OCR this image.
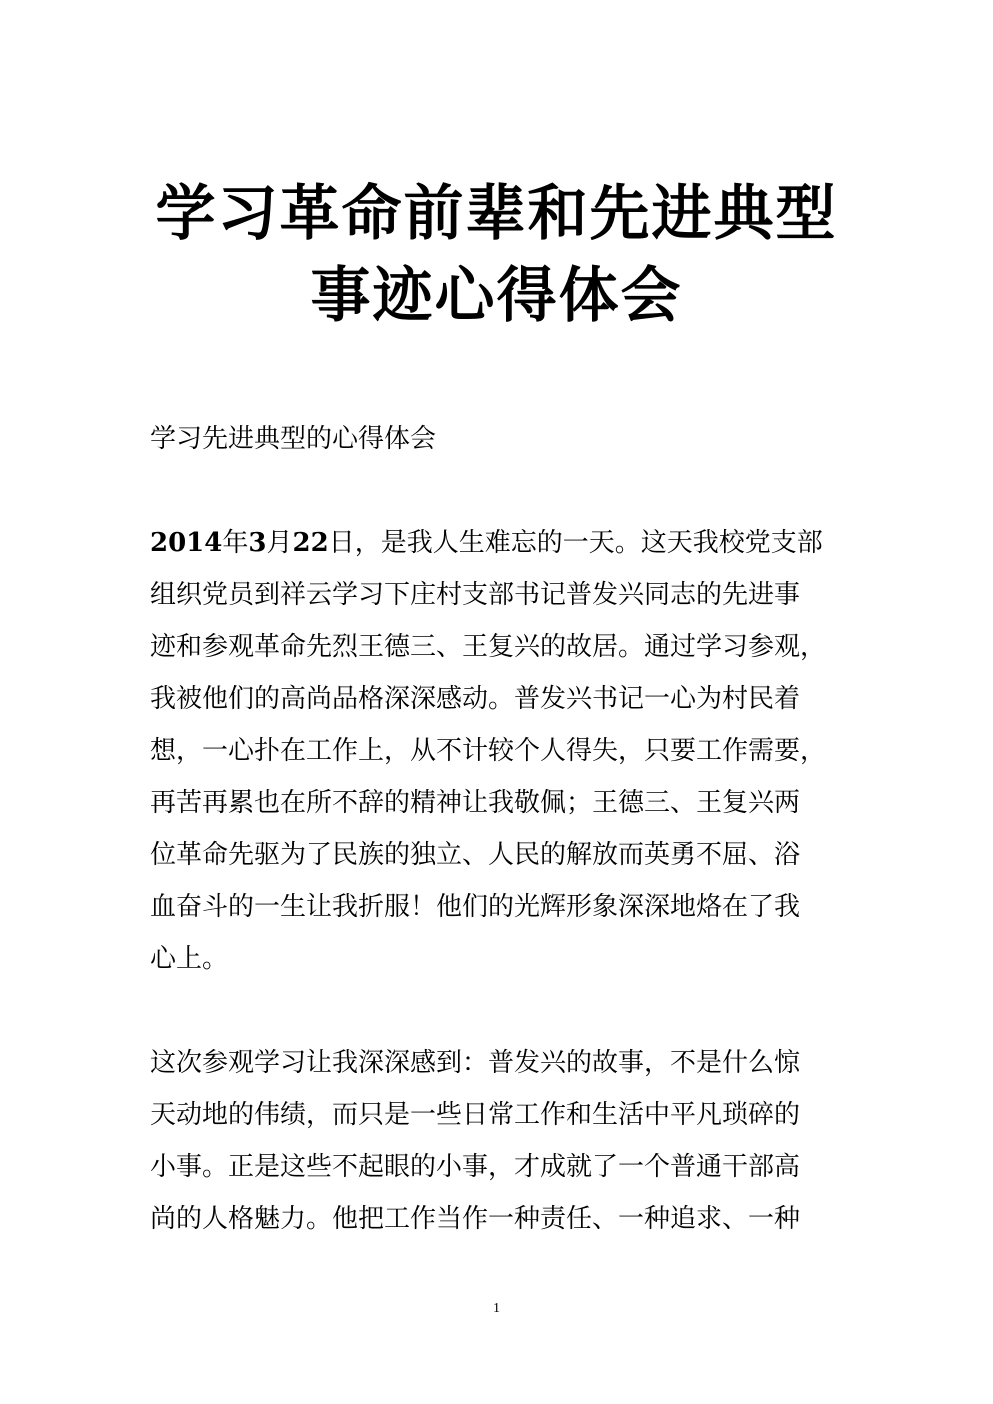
学习革命前辈和先进典型
事迹心得体会
学习先进典型的心得体会
2014年3月22日，是我人生难忘的一天。这天我校党支部
组织党员到祥云学习下庄村支部书记普发兴同志的先进事
迹和参观革命先烈王德三、王复兴的故居。通过学习参观，
我被他们的高尚品格深深感动。普发兴书记一心为村民着
想，一心扑在工作上，从不计较个人得失，只要工作需要，
再苦再累也在所不辞的精神让我敬佩；王德三、王复兴两
位革命先驱为了民族的独立、人民的解放而英勇不屈、浴
血奋斗的一生让我折服！他们的光辉形象深深地烙在了我
心上。
这次参观学习让我深深感到：普发兴的故事，不是什么惊
天动地的伟绩，而只是一些日常工作和生活中平凡琐碎的
小事。正是这些不起眼的小事，才成就了一个普通干部高
尚的人格魅力。他把工作当作一种责任、一种追求、一种
1
